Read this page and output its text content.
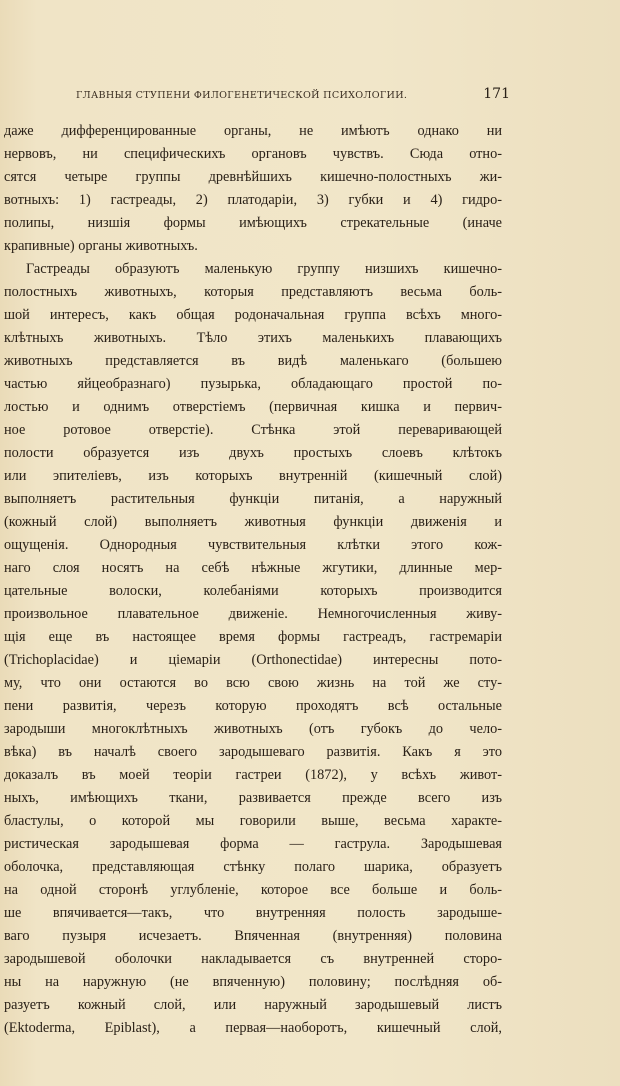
ГЛАВНЫЯ СТУПЕНИ ФИЛОГЕНЕТИЧЕСКОЙ ПСИХОЛОГИИ.	171
даже дифференцированные органы, не имѣютъ однако ни
нервовъ, ни специфическихъ органовъ чувствъ. Сюда отно-
сятся четыре группы древнѣйшихъ кишечно-полостныхъ жи-
вотныхъ: 1) гастреады, 2) платодаріи, 3) губки и 4) гидро-
полипы, низшія формы имѣющихъ стрекательные (иначе
крапивные) органы животныхъ.
Гастреады образуютъ маленькую группу низшихъ кишечно-
полостныхъ животныхъ, которыя представляютъ весьма боль-
шой интересъ, какъ общая родоначальная группа всѣхъ много-
клѣтныхъ животныхъ. Тѣло этихъ маленькихъ плавающихъ
животныхъ представляется въ видѣ маленькаго (большею
частью яйцеобразнаго) пузырька, обладающаго простой по-
лостью и однимъ отверстіемъ (первичная кишка и первич-
ное ротовое отверстіе). Стѣнка этой переваривающей
полости образуется изъ двухъ простыхъ слоевъ клѣтокъ
или эпителіевъ, изъ которыхъ внутренній (кишечный слой)
выполняетъ растительныя функціи питанія, а наружный
(кожный слой) выполняетъ животныя функціи движенія и
ощущенія. Однородныя чувствительныя клѣтки этого кож-
наго слоя носятъ на себѣ нѣжные жгутики, длинные мер-
цательные волоски, колебаніями которыхъ производится
произвольное плавательное движеніе. Немногочисленныя живу-
щія еще въ настоящее время формы гастреадъ, гастремаріи
(Trichoplacidae) и ціемаріи (Orthonectidae) интересны пото-
му, что они остаются во всю свою жизнь на той же сту-
пени развитія, черезъ которую проходятъ всѣ остальные
зародыши многоклѣтныхъ животныхъ (отъ губокъ до чело-
вѣка) въ началѣ своего зародышеваго развитія. Какъ я это
доказалъ въ моей теоріи гастреи (1872), у всѣхъ живот-
ныхъ, имѣющихъ ткани, развивается прежде всего изъ
бластулы, о которой мы говорили выше, весьма характе-
ристическая зародышевая форма — гаструла. Зародышевая
оболочка, представляющая стѣнку полаго шарика, образуетъ
на одной сторонѣ углубленіе, которое все больше и боль-
ше впячивается—такъ, что внутренняя полость зародыше-
ваго пузыря исчезаетъ. Впяченная (внутренняя) половина
зародышевой оболочки накладывается съ внутренней сторо-
ны на наружную (не впяченную) половину; послѣдняя об-
разуетъ кожный слой, или наружный зародышевый листъ
(Ektoderma, Epiblast), а первая—наоборотъ, кишечный слой,
